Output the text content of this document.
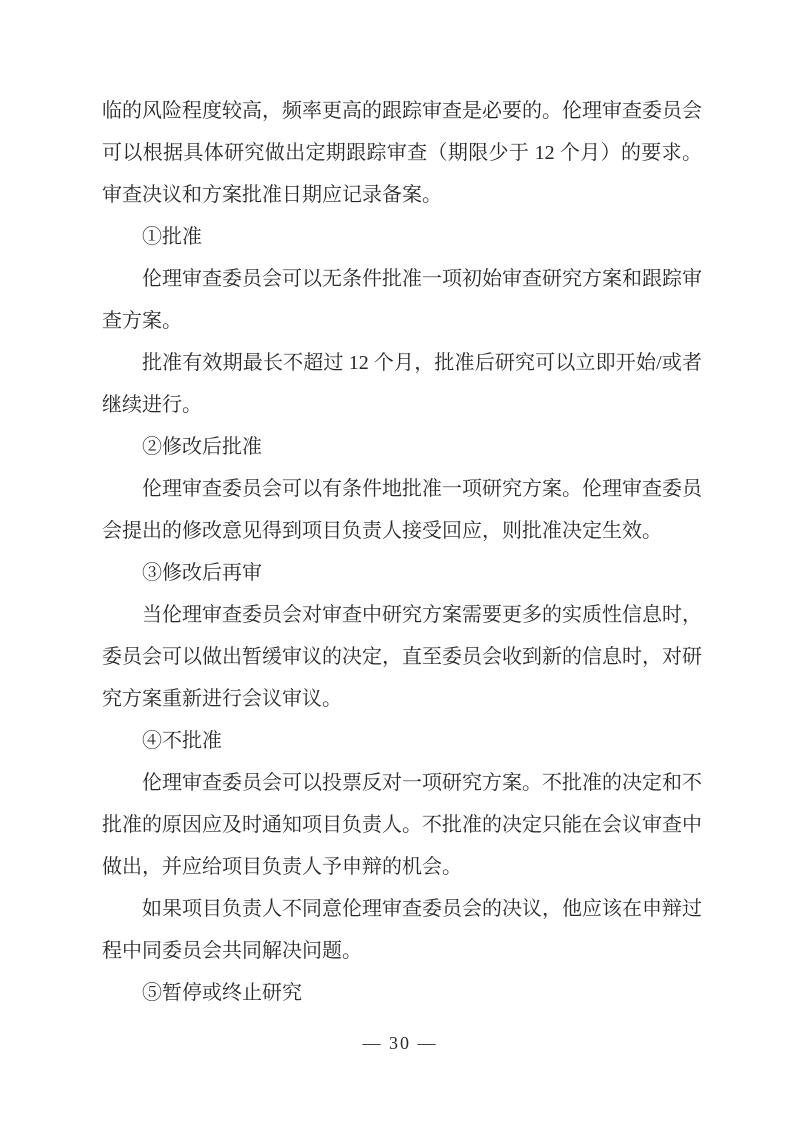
临的风险程度较高，频率更高的跟踪审查是必要的。伦理审查委员会可以根据具体研究做出定期跟踪审查（期限少于 12 个月）的要求。审查决议和方案批准日期应记录备案。

①批准

伦理审查委员会可以无条件批准一项初始审查研究方案和跟踪审查方案。

批准有效期最长不超过 12 个月，批准后研究可以立即开始/或者继续进行。

②修改后批准

伦理审查委员会可以有条件地批准一项研究方案。伦理审查委员会提出的修改意见得到项目负责人接受回应，则批准决定生效。

③修改后再审

当伦理审查委员会对审查中研究方案需要更多的实质性信息时，委员会可以做出暂缓审议的决定，直至委员会收到新的信息时，对研究方案重新进行会议审议。

④不批准

伦理审查委员会可以投票反对一项研究方案。不批准的决定和不批准的原因应及时通知项目负责人。不批准的决定只能在会议审查中做出，并应给项目负责人予申辩的机会。

如果项目负责人不同意伦理审查委员会的决议，他应该在申辩过程中同委员会共同解决问题。

⑤暂停或终止研究

— 30 —
